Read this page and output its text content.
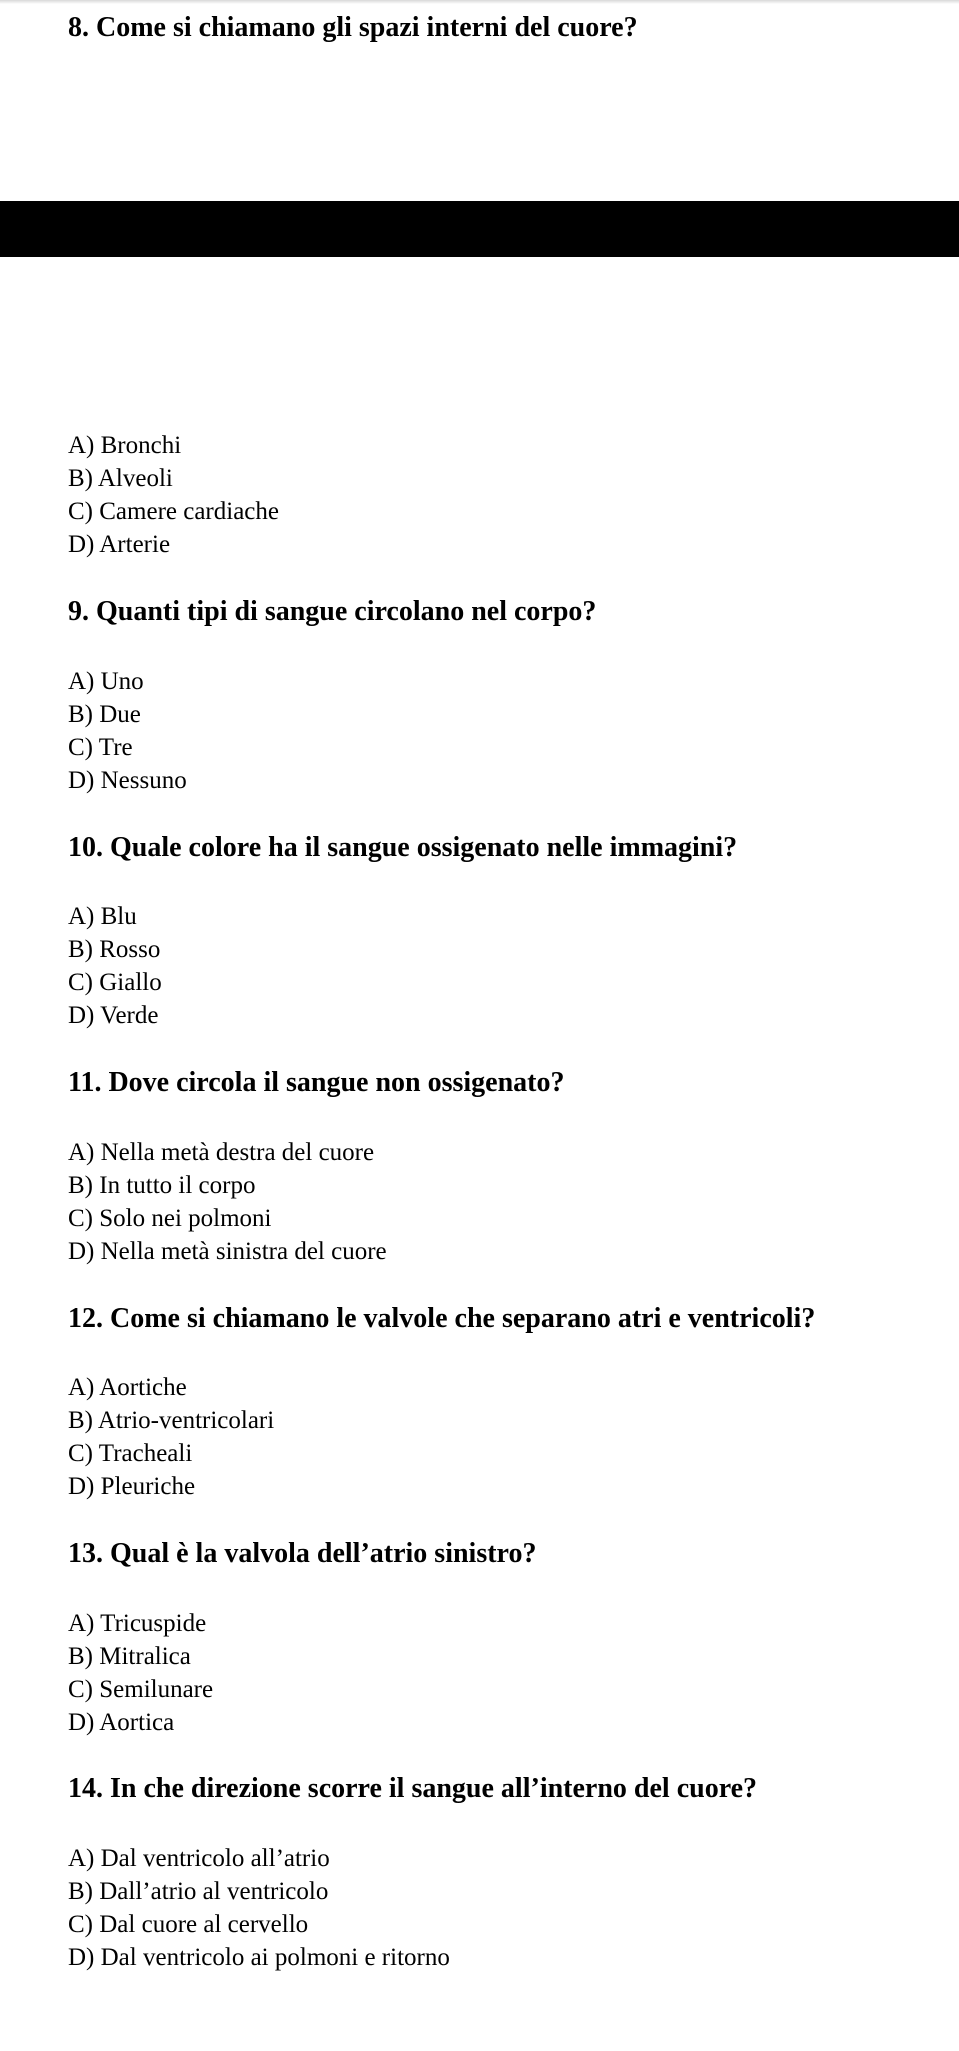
8. Come si chiamano gli spazi interni del cuore?
A) Bronchi
B) Alveoli
C) Camere cardiache
D) Arterie
9. Quanti tipi di sangue circolano nel corpo?
A) Uno
B) Due
C) Tre
D) Nessuno
10. Quale colore ha il sangue ossigenato nelle immagini?
A) Blu
B) Rosso
C) Giallo
D) Verde
11. Dove circola il sangue non ossigenato?
A) Nella metà destra del cuore
B) In tutto il corpo
C) Solo nei polmoni
D) Nella metà sinistra del cuore
12. Come si chiamano le valvole che separano atri e ventricoli?
A) Aortiche
B) Atrio-ventricolari
C) Tracheali
D) Pleuriche
13. Qual è la valvola dell’atrio sinistro?
A) Tricuspide
B) Mitralica
C) Semilunare
D) Aortica
14. In che direzione scorre il sangue all’interno del cuore?
A) Dal ventricolo all’atrio
B) Dall’atrio al ventricolo
C) Dal cuore al cervello
D) Dal ventricolo ai polmoni e ritorno
